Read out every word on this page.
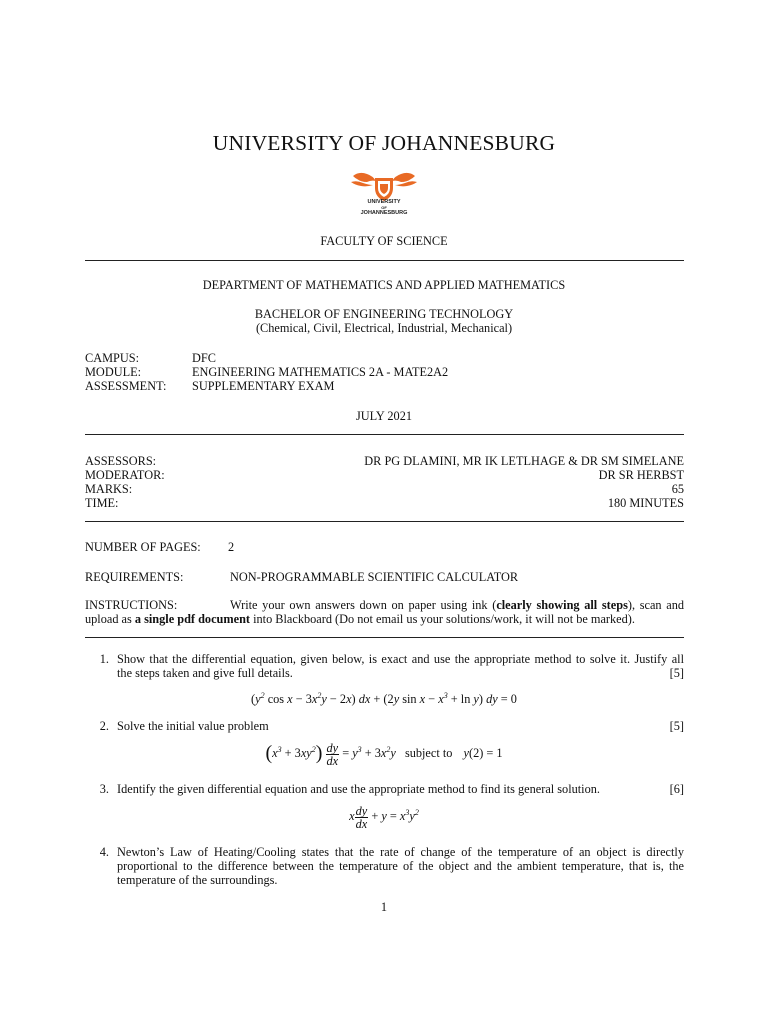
UNIVERSITY OF JOHANNESBURG
UNIVERSITY
OF
JOHANNESBURG
FACULTY OF SCIENCE
DEPARTMENT OF MATHEMATICS AND APPLIED MATHEMATICS
BACHELOR OF ENGINEERING TECHNOLOGY
(Chemical, Civil, Electrical, Industrial, Mechanical)
CAMPUS:	DFC
MODULE:	ENGINEERING MATHEMATICS 2A - MATE2A2
ASSESSMENT: SUPPLEMENTARY EXAM
JULY 2021
ASSESSORS:	DR PG DLAMINI, MR IK LETLHAGE & DR SM SIMELANE
MODERATOR:	DR SR HERBST
MARKS:	65
TIME:	180 MINUTES
NUMBER OF PAGES: 2
REQUIREMENTS:	NON-PROGRAMMABLE SCIENTIFIC CALCULATOR
INSTRUCTIONS:	Write your own answers down on paper using ink (clearly showing all steps), scan and
upload as a single pdf document into Blackboard (Do not email us your solutions/work, it will not be marked).
1. Show that the differential equation, given below, is exact and use the appropriate method to solve it. Justify all
the steps taken and give full details.	[5]
($y^2$ $\cos x - 3x^2y - 2x$) dx + (2y $\sin x - x^3 + \ln y$) dy = 0
2. Solve the initial value problem	[5]
$(x^3 + 3xy^2) \frac{dy}{dx} = y^3 + 3x^2y$ subject to y(2) = 1
3. Identify the given differential equation and use the appropriate method to find its general solution.	[6]
x $\frac{dy}{dx} + y = x^3y^2$
4. Newton’s Law of Heating/Cooling states that the rate of change of the temperature of an object is directly
proportional to the difference between the temperature of the object and the ambient temperature, that is, the
temperature of the surroundings.
1
